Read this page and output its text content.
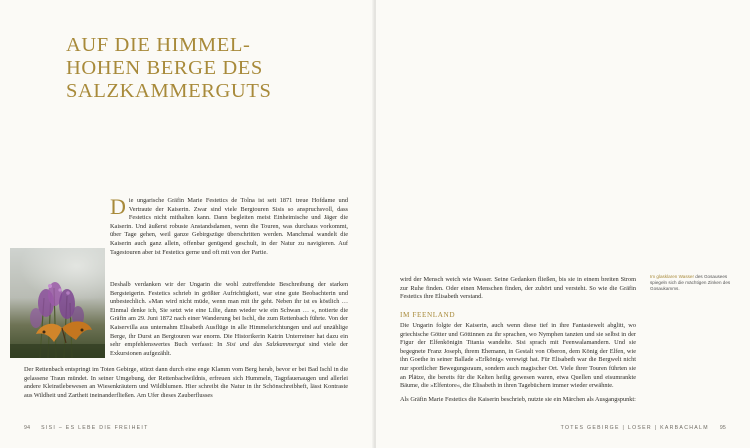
AUF DIE HIMMEL-
HOHEN BERGE DES
SALZKAMMERGUTS

Die ungarische Gräfin Marie Festetics de Tolna ist seit 1871 treue Hofdame und Vertraute der Kaiserin. Zwar sind viele Bergtouren Sisis so anspruchsvoll, dass Festetics nicht mithalten kann. Dann begleiten meist Einheimische und Jäger die Kaiserin. Und äußerst robuste Anstandsdamen, wenn die Touren, was durchaus vorkommt, über Tage gehen, weil ganze Gebirgszüge überschritten werden. Manchmal wandelt die Kaiserin auch ganz allein, offenbar genügend geschult, in der Natur zu navigieren. Auf Tagestouren aber ist Festetics gerne und oft mit von der Partie.

Deshalb verdanken wir der Ungarin die wohl zutreffendste Beschreibung der starken Bergsteigerin. Festetics schrieb in größter Aufrichtigkeit, war eine gute Beobachterin und unbestechlich. »Man wird nicht müde, wenn man mit ihr geht. Neben ihr ist es köstlich … Einmal denke ich, Sie setzt wie eine Lilie, dann wieder wie ein Schwan … «, notierte die Gräfin am 29. Juni 1872 nach einer Wanderung bei Ischl, die zum Rettenbach führte. Von der Kaiservilla aus unternahm Elisabeth Ausflüge in alle Himmelsrichtungen und auf unzählige Berge, ihr Durst an Bergtouren war enorm. Die Historikerin Katrin Unterreiner hat dazu ein sehr empfehlenswertes Buch verfasst: In Sisi und das Salzkammergut sind viele der Exkursionen aufgezählt.

Der Rettenbach entspringt im Toten Gebirge, stürzt dann durch eine enge Klamm vom Berg herab, bevor er bei Bad Ischl in die gelassene Traun mündet. In seiner Umgebung, der Rettenbachwildnis, erfreuen sich Hummeln, Tagpfauenaugen und allerlei andere Kleinstlebewesen an Wiesenkräutern und Wildblumen. Hier schreibt die Natur in ihr Schönschreibheft, lässt Kontraste aus Wildheit und Zartheit ineinanderfließen. Am Ufer dieses Zauberflusses

94 SISI – ES LEBE DIE FREIHEIT

Im glasklaren Wasser des Gosausees spiegeln sich die mächtigen Zinken des Gosaukamms.

wird der Mensch weich wie Wasser. Seine Gedanken fließen, bis sie in einem breiten Strom zur Ruhe finden. Oder einen Menschen finden, der zuhört und versteht. So wie die Gräfin Festetics ihre Elisabeth verstand.

IM FEENLAND

Die Ungarin folgte der Kaiserin, auch wenn diese tief in ihre Fantasiewelt abglitt, wo griechische Götter und Göttinnen zu ihr sprachen, wo Nymphen tanzten und sie selbst in der Figur der Elfenkönigin Titania wandelte. Sisi sprach mit Feenwalamandern. Und sie begegnete Franz Joseph, ihrem Ehemann, in Gestalt von Oberon, dem König der Elfen, wie ihn Goethe in seiner Ballade »Erlkönig« verewigt hat. Für Elisabeth war die Bergwelt nicht nur sportlicher Bewegungsraum, sondern auch magischer Ort. Viele ihrer Touren führten sie an Plätze, die bereits für die Kelten heilig gewesen waren, etwa Quellen und eisumrankte Bäume, die »Elfentore«, die Elisabeth in ihren Tagebüchern immer wieder erwähnte.

Als Gräfin Marie Festetics die Kaiserin beschrieb, nutzte sie ein Märchen als Ausgangspunkt:

TOTES GEBIRGE | LOSER | KARBACHALM 95
